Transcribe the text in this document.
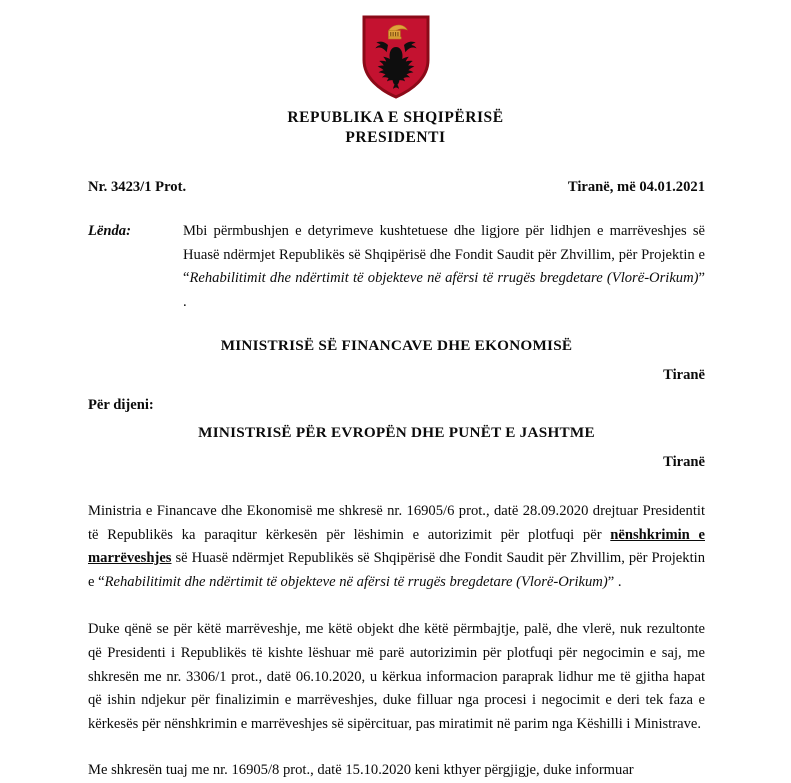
REPUBLIKA E SHQIPËRISË
PRESIDENTI
Nr. 3423/1 Prot.	Tiranë, më 04.01.2021
Lënda:	Mbi përmbushjen e detyrimeve kushtetuese dhe ligjore për lidhjen e marrëveshjes së Huasë ndërmjet Republikës së Shqipërisë dhe Fondit Saudit për Zhvillim, për Projektin e “Rehabilitimit dhe ndërtimit të objekteve në afërsi të rrugës bregdetare (Vlorë-Orikum)” .
MINISTRISË SË FINANCAVE DHE EKONOMISË
Tiranë
Për dijeni:
MINISTRISË PËR EVROPËN DHE PUNËT E JASHTME
Tiranë

Ministria e Financave dhe Ekonomisë me shkresë nr. 16905/6 prot., datë 28.09.2020 drejtuar Presidentit të Republikës ka paraqitur kërkesën për lëshimin e autorizimit për plotfuqi për nënshkrimin e marrëveshjes së Huasë ndërmjet Republikës së Shqipërisë dhe Fondit Saudit për Zhvillim, për Projektin e “Rehabilitimit dhe ndërtimit të objekteve në afërsi të rrugës bregdetare (Vlorë-Orikum)” .

Duke qënë se për këtë marrëveshje, me këtë objekt dhe këtë përmbajtje, palë, dhe vlerë, nuk rezultonte që Presidenti i Republikës të kishte lëshuar më parë autorizimin për plotfuqi për negocimin e saj, me shkresën me nr. 3306/1 prot., datë 06.10.2020, u kërkua informacion paraprak lidhur me të gjitha hapat që ishin ndjekur për finalizimin e marrëveshjes, duke filluar nga procesi i negocimit e deri tek faza e kërkesës për nënshkrimin e marrëveshjes së sipërcituar, pas miratimit në parim nga Këshilli i Ministrave.

Me shkresën tuaj me nr. 16905/8 prot., datë 15.10.2020 keni kthyer përgjigje, duke informuar
